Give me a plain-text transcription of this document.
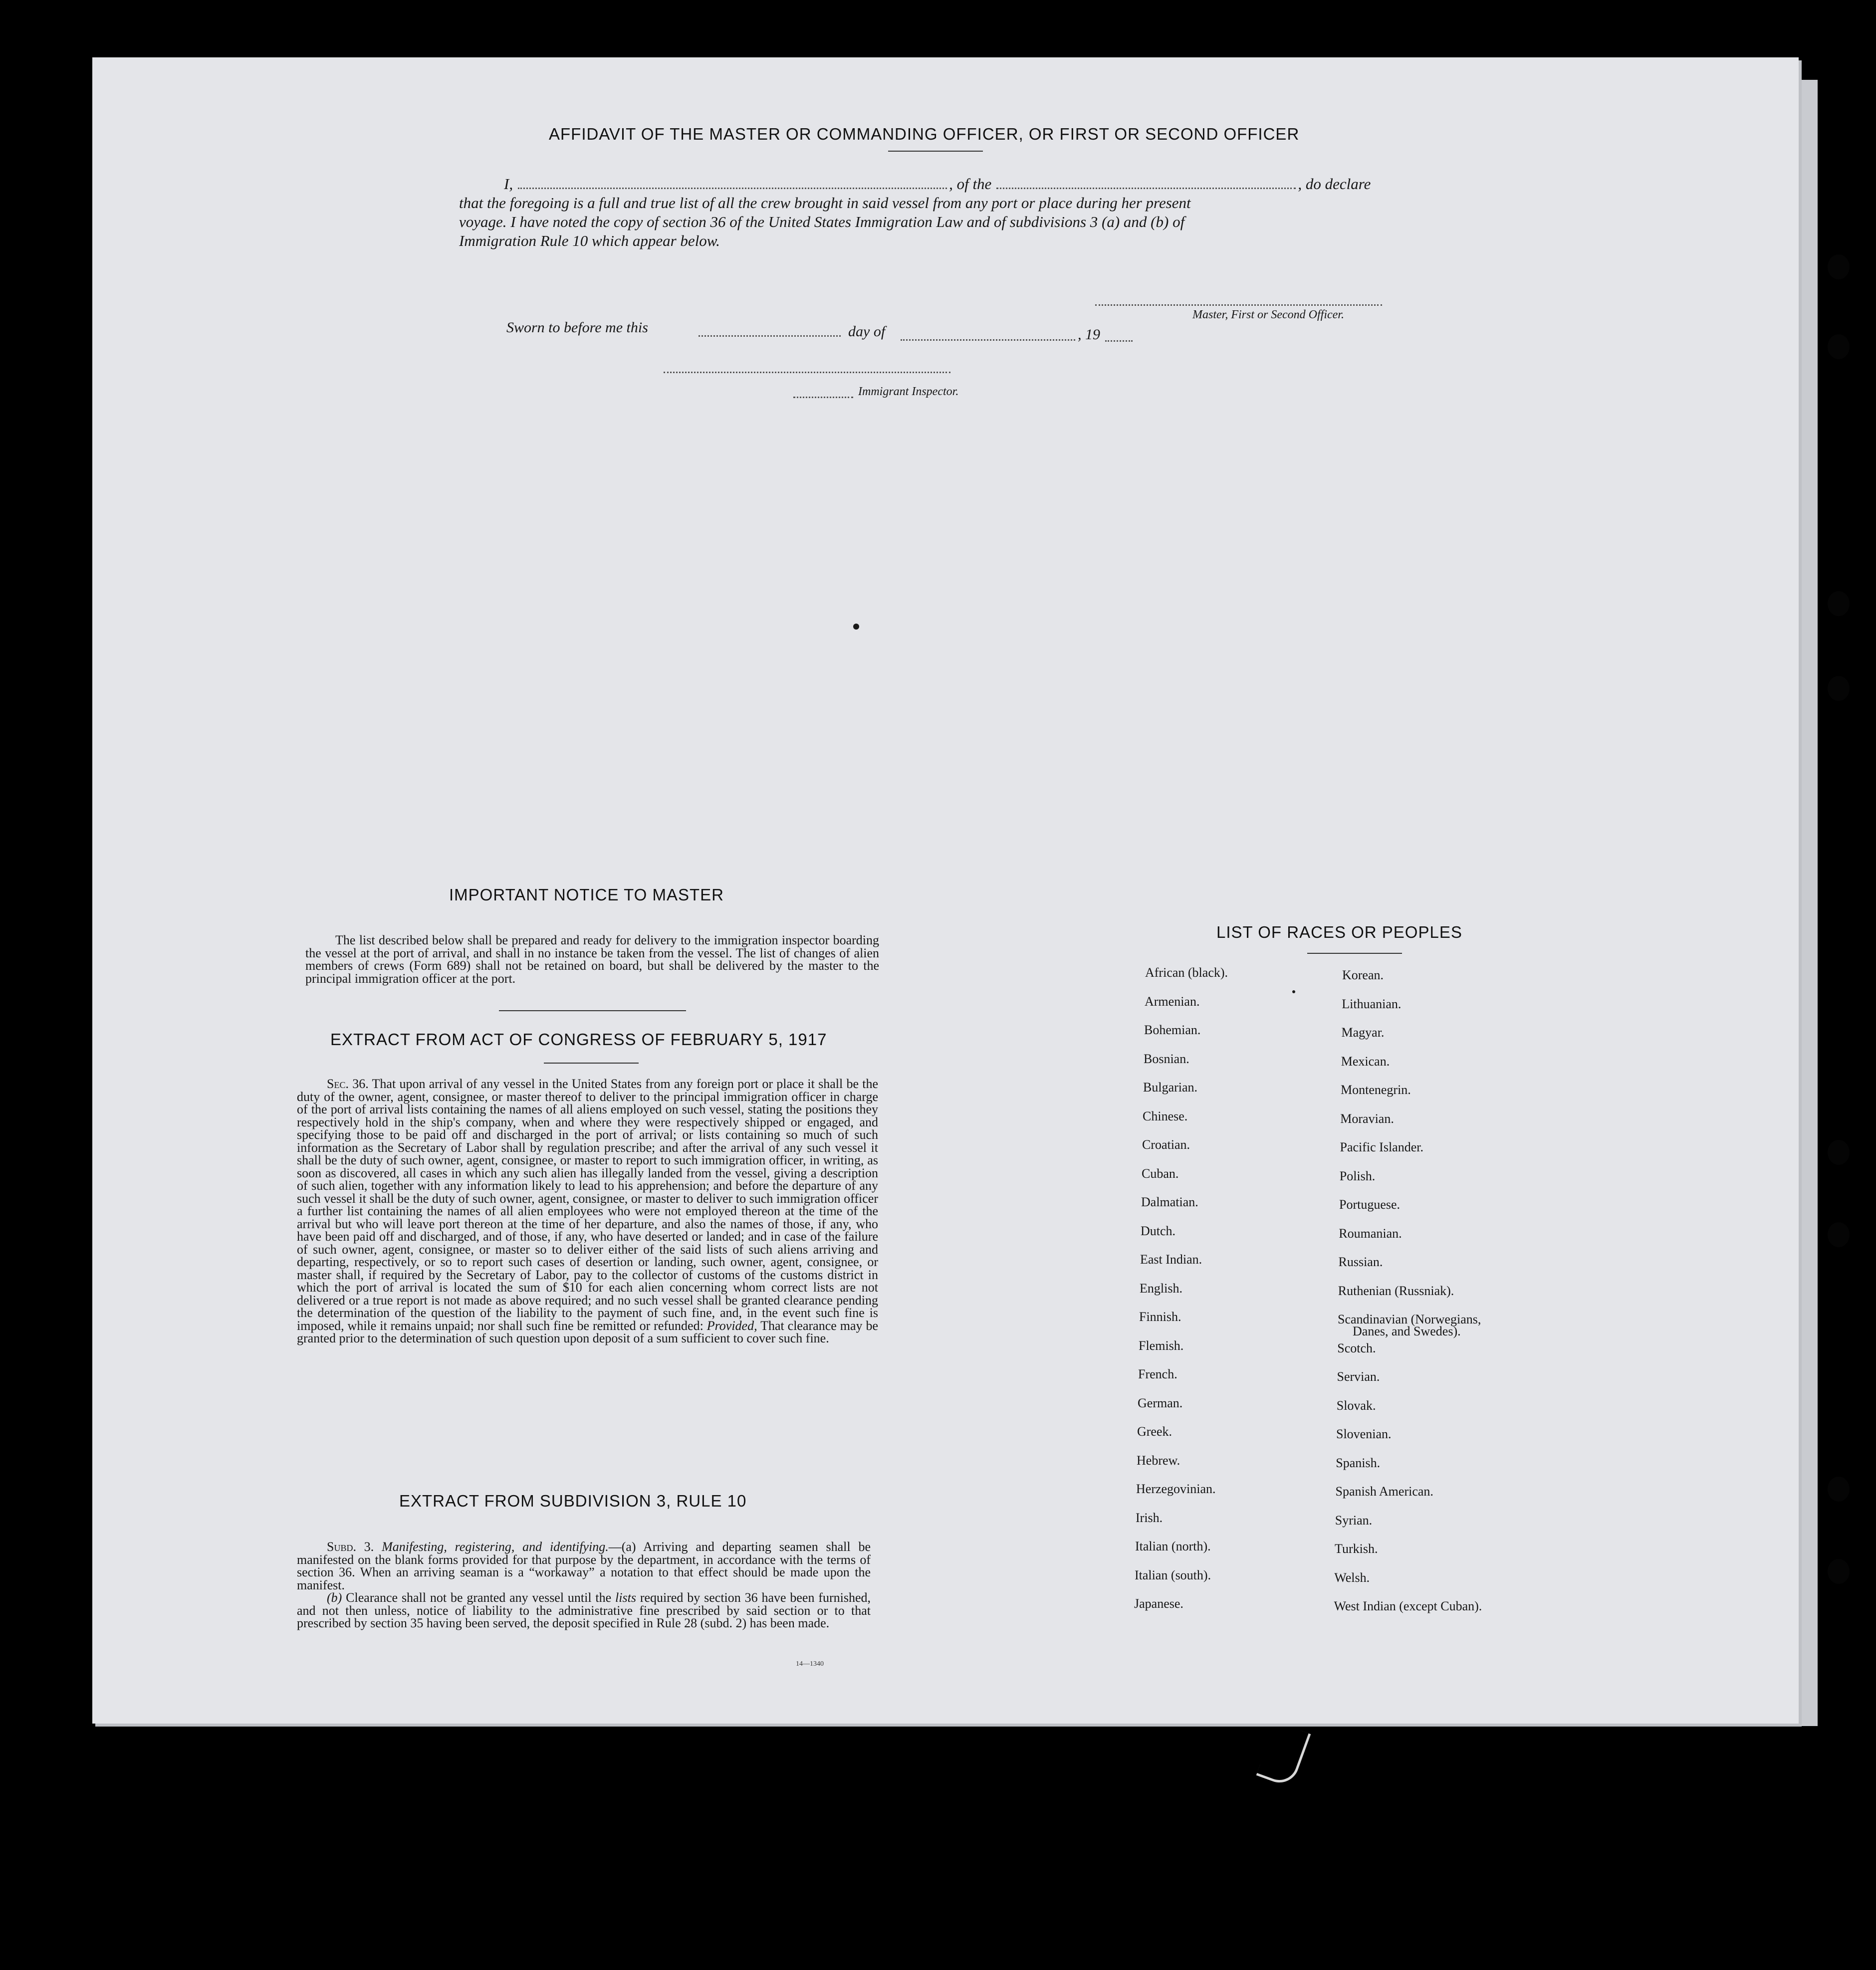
AFFIDAVIT OF THE MASTER OR COMMANDING OFFICER, OR FIRST OR SECOND OFFICER

I,	, of the	, do declare

that the foregoing is a full and true list of all the crew brought in said vessel from any port or place during her present

voyage. I have noted the copy of section 36 of the United States Immigration Law and of subdivisions 3 (a) and (b) of

Immigration Rule 10 which appear below.

Master, First or Second Officer.
Sworn to before me this	day of	, 19
Immigrant Inspector.
IMPORTANT NOTICE TO MASTER

The list described below shall be prepared and ready for delivery to the immigration inspector boarding the vessel at the port of arrival, and shall in no instance be taken from the vessel. The list of changes of alien members of crews (Form 689) shall not be retained on board, but shall be delivered by the master to the principal immigration officer at the port.

EXTRACT FROM ACT OF CONGRESS OF FEBRUARY 5, 1917

Sec. 36. That upon arrival of any vessel in the United States from any foreign port or place it shall be the duty of the owner, agent, consignee, or master thereof to deliver to the principal immigration officer in charge of the port of arrival lists containing the names of all aliens employed on such vessel, stating the positions they respectively hold in the ship's company, when and where they were respectively shipped or engaged, and specifying those to be paid off and discharged in the port of arrival; or lists containing so much of such information as the Secretary of Labor shall by regulation prescribe; and after the arrival of any such vessel it shall be the duty of such owner, agent, consignee, or master to report to such immigration officer, in writing, as soon as discovered, all cases in which any such alien has illegally landed from the vessel, giving a description of such alien, together with any information likely to lead to his apprehension; and before the departure of any such vessel it shall be the duty of such owner, agent, consignee, or master to deliver to such immigration officer a further list containing the names of all alien employees who were not employed thereon at the time of the arrival but who will leave port thereon at the time of her departure, and also the names of those, if any, who have been paid off and discharged, and of those, if any, who have deserted or landed; and in case of the failure of such owner, agent, consignee, or master so to deliver either of the said lists of such aliens arriving and departing, respectively, or so to report such cases of desertion or landing, such owner, agent, consignee, or master shall, if required by the Secretary of Labor, pay to the collector of customs of the customs district in which the port of arrival is located the sum of $10 for each alien concerning whom correct lists are not delivered or a true report is not made as above required; and no such vessel shall be granted clearance pending the determination of the question of the liability to the payment of such fine, and, in the event such fine is imposed, while it remains unpaid; nor shall such fine be remitted or refunded: Provided, That clearance may be granted prior to the determination of such question upon deposit of a sum sufficient to cover such fine.

EXTRACT FROM SUBDIVISION 3, RULE 10

Subd. 3. Manifesting, registering, and identifying.—(a) Arriving and departing seamen shall be manifested on the blank forms provided for that purpose by the department, in accordance with the terms of section 36. When an arriving seaman is a “workaway” a notation to that effect should be made upon the manifest.

(b) Clearance shall not be granted any vessel until the lists required by section 36 have been furnished, and not then unless, notice of liability to the administrative fine prescribed by said section or to that prescribed by section 35 having been served, the deposit specified in Rule 28 (subd. 2) has been made.

14—1340
LIST OF RACES OR PEOPLES
African (black).
Armenian.
Bohemian.
Bosnian.
Bulgarian.
Chinese.
Croatian.
Cuban.
Dalmatian.
Dutch.
East Indian.
English.
Finnish.
Flemish.
French.
German.
Greek.
Hebrew.
Herzegovinian.
Irish.
Italian (north).
Italian (south).
Japanese.
Korean.
Lithuanian.
Magyar.
Mexican.
Montenegrin.
Moravian.
Pacific Islander.
Polish.
Portuguese.
Roumanian.
Russian.
Ruthenian (Russniak).
Scandinavian (Norwegians,
Scotch.
Servian.
Slovak.
Slovenian.
Spanish.
Spanish American.
Syrian.
Turkish.
Welsh.
West Indian (except Cuban).
Danes, and Swedes).
